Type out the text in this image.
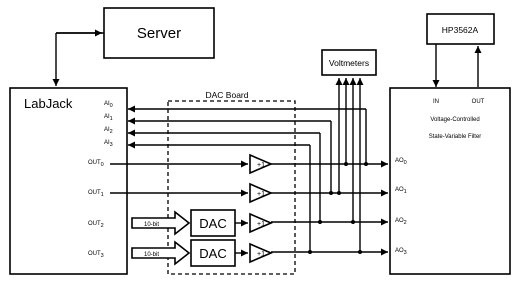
Server
LabJack
DAC Board
Voltmeters
HP3562A
IN	OUT
Voltage-Controlled
State-Variable Filter
AI0
AI1
AI2
AI3
OUT0
OUT1
OUT2
OUT3
AO0
AO1
AO2
AO3
+1
+1
10-bit	DAC	+1
10-bit	DAC	+1
